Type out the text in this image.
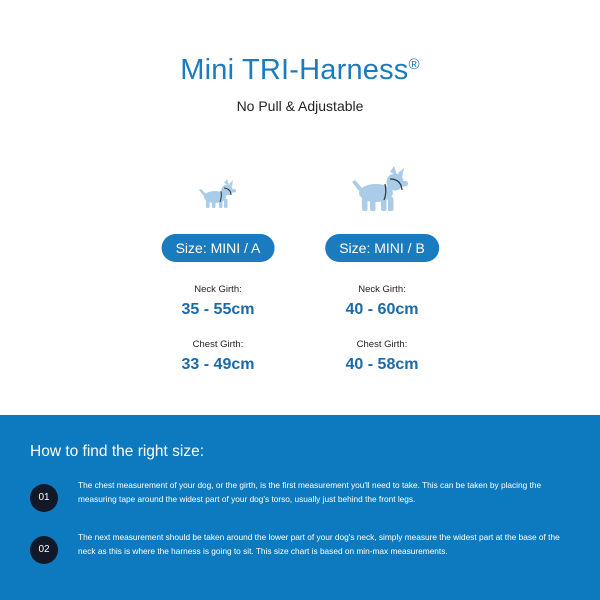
Mini TRI-Harness®
No Pull & Adjustable
Size: MINI / A
Neck Girth:
35 - 55cm
Chest Girth:
33 - 49cm
Size: MINI / B
Neck Girth:
40 - 60cm
Chest Girth:
40 - 58cm
How to find the right size:
01
The chest measurement of your dog, or the girth, is the first measurement you'll need to take. This can be taken by placing the measuring tape around the widest part of your dog's torso, usually just behind the front legs.
02
The next measurement should be taken around the lower part of your dog's neck, simply measure the widest part at the base of the neck as this is where the harness is going to sit. This size chart is based on min-max measurements.
